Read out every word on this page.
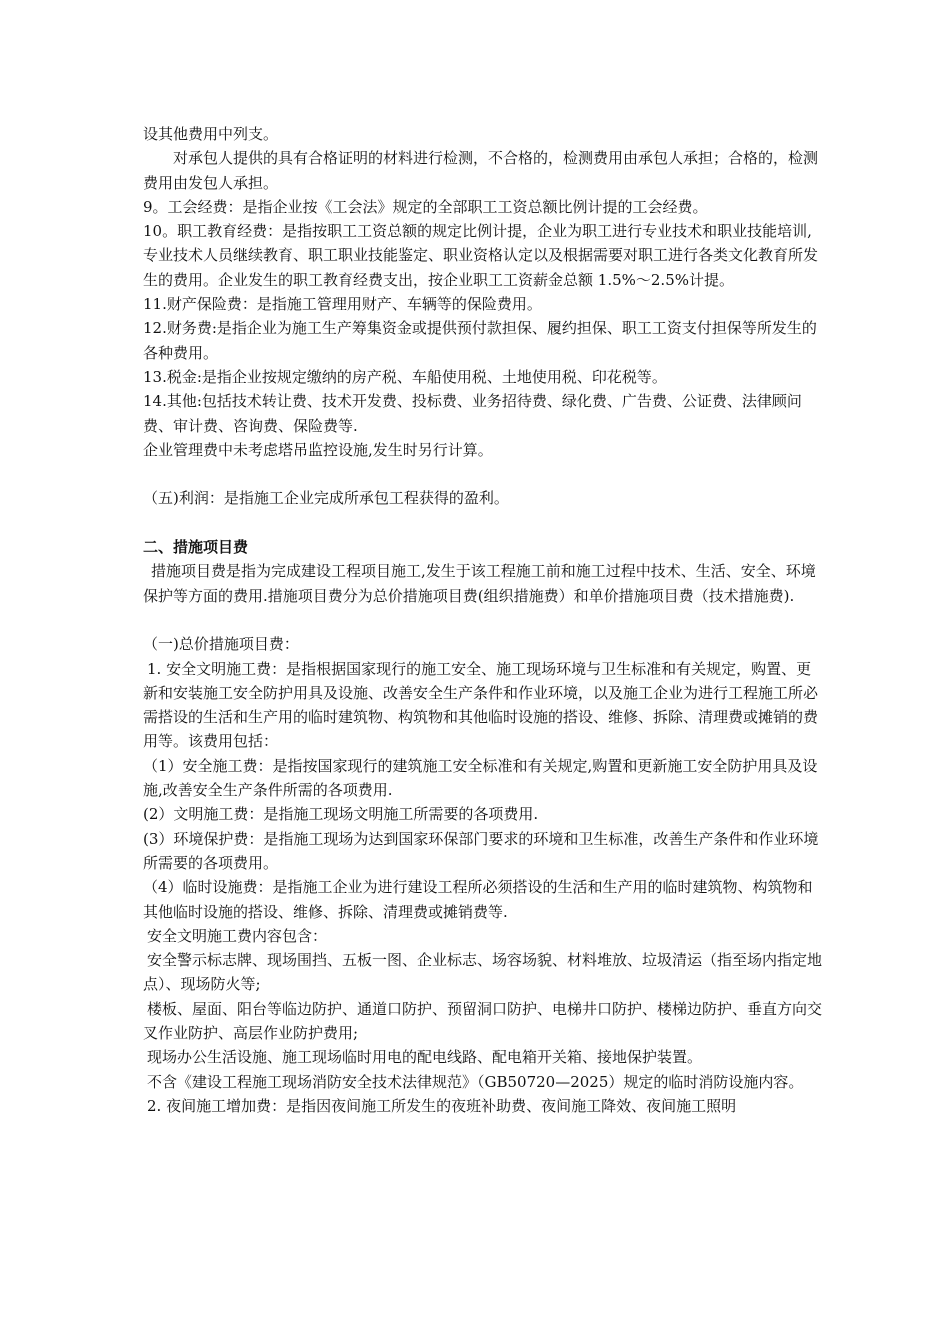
设其他费用中列支。

对承包人提供的具有合格证明的材料进行检测，不合格的，检测费用由承包人承担；合格的，检测费用由发包人承担。

9。工会经费：是指企业按《工会法》规定的全部职工工资总额比例计提的工会经费。

10。职工教育经费：是指按职工工资总额的规定比例计提，企业为职工进行专业技术和职业技能培训,专业技术人员继续教育、职工职业技能鉴定、职业资格认定以及根据需要对职工进行各类文化教育所发生的费用。企业发生的职工教育经费支出，按企业职工工资薪金总额 1.5%～2.5%计提。

11.财产保险费：是指施工管理用财产、车辆等的保险费用。

12.财务费:是指企业为施工生产筹集资金或提供预付款担保、履约担保、职工工资支付担保等所发生的各种费用。

13.税金:是指企业按规定缴纳的房产税、车船使用税、土地使用税、印花税等。

14.其他:包括技术转让费、技术开发费、投标费、业务招待费、绿化费、广告费、公证费、法律顾问费、审计费、咨询费、保险费等.

企业管理费中未考虑塔吊监控设施,发生时另行计算。

（五)利润：是指施工企业完成所承包工程获得的盈利。

二、措施项目费

措施项目费是指为完成建设工程项目施工,发生于该工程施工前和施工过程中技术、生活、安全、环境保护等方面的费用.措施项目费分为总价措施项目费(组织措施费）和单价措施项目费（技术措施费).

（一)总价措施项目费：

1. 安全文明施工费：是指根据国家现行的施工安全、施工现场环境与卫生标准和有关规定，购置、更新和安装施工安全防护用具及设施、改善安全生产条件和作业环境，以及施工企业为进行工程施工所必需搭设的生活和生产用的临时建筑物、构筑物和其他临时设施的搭设、维修、拆除、清理费或摊销的费用等。该费用包括：

（1）安全施工费：是指按国家现行的建筑施工安全标准和有关规定,购置和更新施工安全防护用具及设施,改善安全生产条件所需的各项费用.

(2）文明施工费：是指施工现场文明施工所需要的各项费用.

(3）环境保护费：是指施工现场为达到国家环保部门要求的环境和卫生标准，改善生产条件和作业环境所需要的各项费用。

（4）临时设施费：是指施工企业为进行建设工程所必须搭设的生活和生产用的临时建筑物、构筑物和其他临时设施的搭设、维修、拆除、清理费或摊销费等.

安全文明施工费内容包含：

安全警示标志牌、现场围挡、五板一图、企业标志、场容场貌、材料堆放、垃圾清运（指至场内指定地点）、现场防火等;

楼板、屋面、阳台等临边防护、通道口防护、预留洞口防护、电梯井口防护、楼梯边防护、垂直方向交叉作业防护、高层作业防护费用;

现场办公生活设施、施工现场临时用电的配电线路、配电箱开关箱、接地保护装置。

不含《建设工程施工现场消防安全技术法律规范》（GB50720—2025）规定的临时消防设施内容。

2. 夜间施工增加费：是指因夜间施工所发生的夜班补助费、夜间施工降效、夜间施工照明
